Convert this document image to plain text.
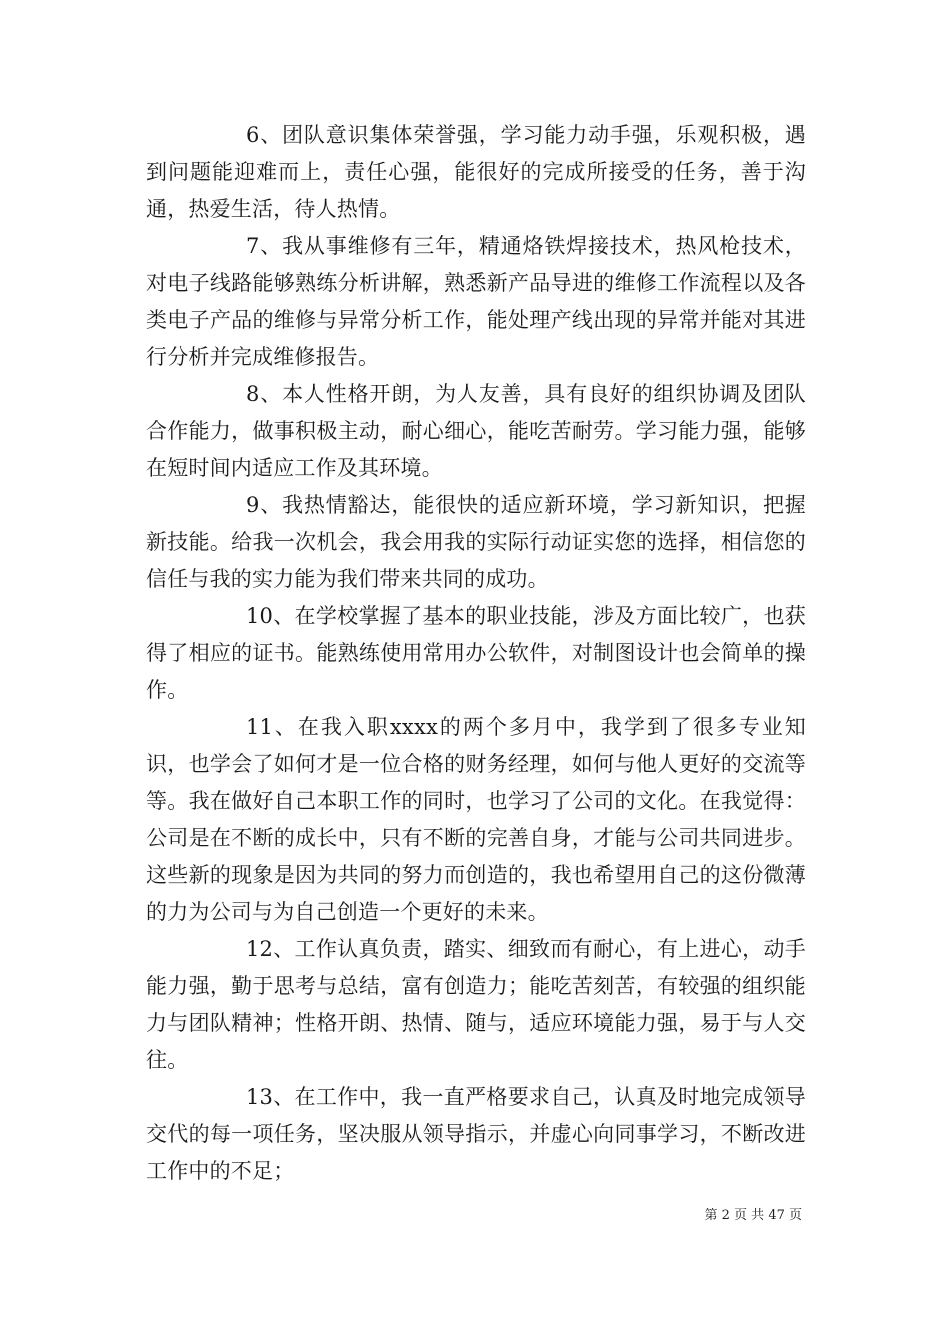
6、团队意识集体荣誉强，学习能力动手强，乐观积极，遇到问题能迎难而上，责任心强，能很好的完成所接受的任务，善于沟通，热爱生活，待人热情。

7、我从事维修有三年，精通烙铁焊接技术，热风枪技术，对电子线路能够熟练分析讲解，熟悉新产品导进的维修工作流程以及各类电子产品的维修与异常分析工作，能处理产线出现的异常并能对其进行分析并完成维修报告。

8、本人性格开朗，为人友善，具有良好的组织协调及团队合作能力，做事积极主动，耐心细心，能吃苦耐劳。学习能力强，能够在短时间内适应工作及其环境。

9、我热情豁达，能很快的适应新环境，学习新知识，把握新技能。给我一次机会，我会用我的实际行动证实您的选择，相信您的信任与我的实力能为我们带来共同的成功。

10、在学校掌握了基本的职业技能，涉及方面比较广，也获得了相应的证书。能熟练使用常用办公软件，对制图设计也会简单的操作。

11、在我入职xxxx的两个多月中，我学到了很多专业知识，也学会了如何才是一位合格的财务经理，如何与他人更好的交流等等。我在做好自己本职工作的同时，也学习了公司的文化。在我觉得：公司是在不断的成长中，只有不断的完善自身，才能与公司共同进步。这些新的现象是因为共同的努力而创造的，我也希望用自己的这份微薄的力为公司与为自己创造一个更好的未来。

12、工作认真负责，踏实、细致而有耐心，有上进心，动手能力强，勤于思考与总结，富有创造力；能吃苦刻苦，有较强的组织能力与团队精神；性格开朗、热情、随与，适应环境能力强，易于与人交往。

13、在工作中，我一直严格要求自己，认真及时地完成领导交代的每一项任务，坚决服从领导指示，并虚心向同事学习，不断改进工作中的不足；

第 2 页 共 47 页
